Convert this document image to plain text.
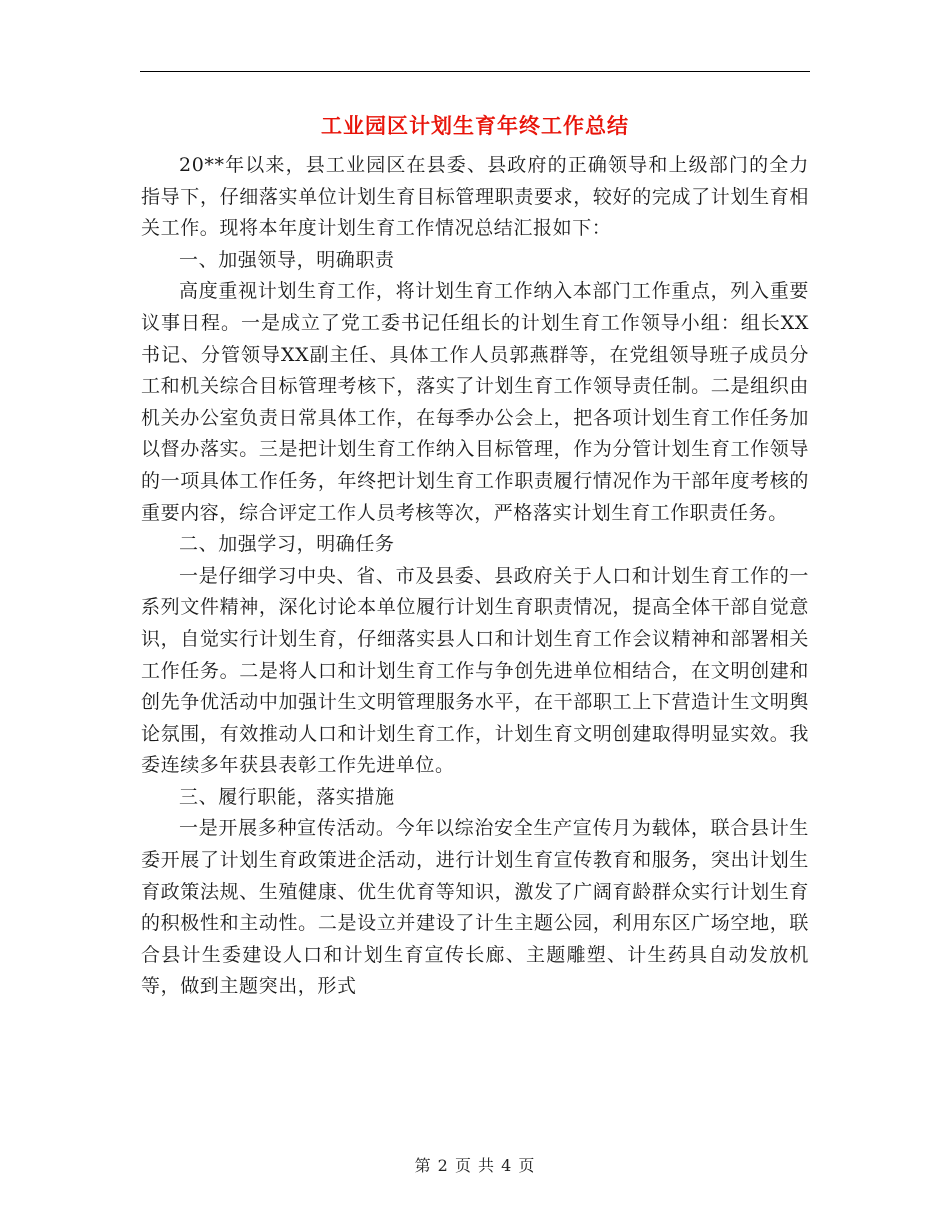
工业园区计划生育年终工作总结

20**年以来，县工业园区在县委、县政府的正确领导和上级部门的全力指导下，仔细落实单位计划生育目标管理职责要求，较好的完成了计划生育相关工作。现将本年度计划生育工作情况总结汇报如下：

一、加强领导，明确职责

高度重视计划生育工作，将计划生育工作纳入本部门工作重点，列入重要议事日程。一是成立了党工委书记任组长的计划生育工作领导小组：组长XX书记、分管领导XX副主任、具体工作人员郭燕群等，在党组领导班子成员分工和机关综合目标管理考核下，落实了计划生育工作领导责任制。二是组织由机关办公室负责日常具体工作，在每季办公会上，把各项计划生育工作任务加以督办落实。三是把计划生育工作纳入目标管理，作为分管计划生育工作领导的一项具体工作任务，年终把计划生育工作职责履行情况作为干部年度考核的重要内容，综合评定工作人员考核等次，严格落实计划生育工作职责任务。

二、加强学习，明确任务

一是仔细学习中央、省、市及县委、县政府关于人口和计划生育工作的一系列文件精神，深化讨论本单位履行计划生育职责情况，提高全体干部自觉意识，自觉实行计划生育，仔细落实县人口和计划生育工作会议精神和部署相关工作任务。二是将人口和计划生育工作与争创先进单位相结合，在文明创建和创先争优活动中加强计生文明管理服务水平，在干部职工上下营造计生文明舆论氛围，有效推动人口和计划生育工作，计划生育文明创建取得明显实效。我委连续多年获县表彰工作先进单位。

三、履行职能，落实措施

一是开展多种宣传活动。今年以综治安全生产宣传月为载体，联合县计生委开展了计划生育政策进企活动，进行计划生育宣传教育和服务，突出计划生育政策法规、生殖健康、优生优育等知识，激发了广阔育龄群众实行计划生育的积极性和主动性。二是设立并建设了计生主题公园，利用东区广场空地，联合县计生委建设人口和计划生育宣传长廊、主题雕塑、计生药具自动发放机等，做到主题突出，形式

第 2 页 共 4 页
